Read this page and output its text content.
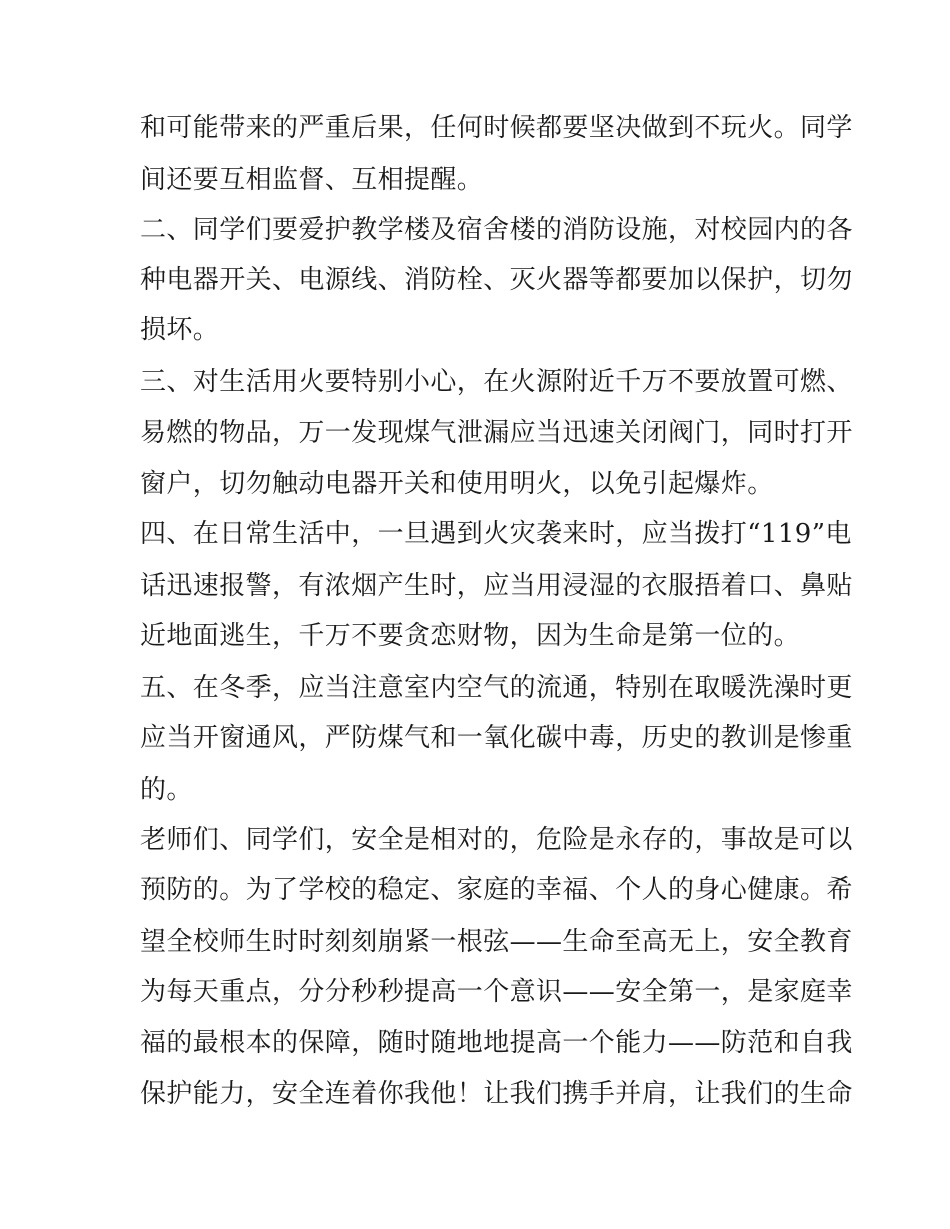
和可能带来的严重后果，任何时候都要坚决做到不玩火。同学
间还要互相监督、互相提醒。
二、同学们要爱护教学楼及宿舍楼的消防设施，对校园内的各
种电器开关、电源线、消防栓、灭火器等都要加以保护，切勿
损坏。
三、对生活用火要特别小心，在火源附近千万不要放置可燃、
易燃的物品，万一发现煤气泄漏应当迅速关闭阀门，同时打开
窗户，切勿触动电器开关和使用明火，以免引起爆炸。
四、在日常生活中，一旦遇到火灾袭来时，应当拨打“119”电
话迅速报警，有浓烟产生时，应当用浸湿的衣服捂着口、鼻贴
近地面逃生，千万不要贪恋财物，因为生命是第一位的。
五、在冬季，应当注意室内空气的流通，特别在取暖洗澡时更
应当开窗通风，严防煤气和一氧化碳中毒，历史的教训是惨重
的。
老师们、同学们，安全是相对的，危险是永存的，事故是可以
预防的。为了学校的稳定、家庭的幸福、个人的身心健康。希
望全校师生时时刻刻崩紧一根弦——生命至高无上，安全教育
为每天重点，分分秒秒提高一个意识——安全第一，是家庭幸
福的最根本的保障，随时随地地提高一个能力——防范和自我
保护能力，安全连着你我他！让我们携手并肩，让我们的生命
